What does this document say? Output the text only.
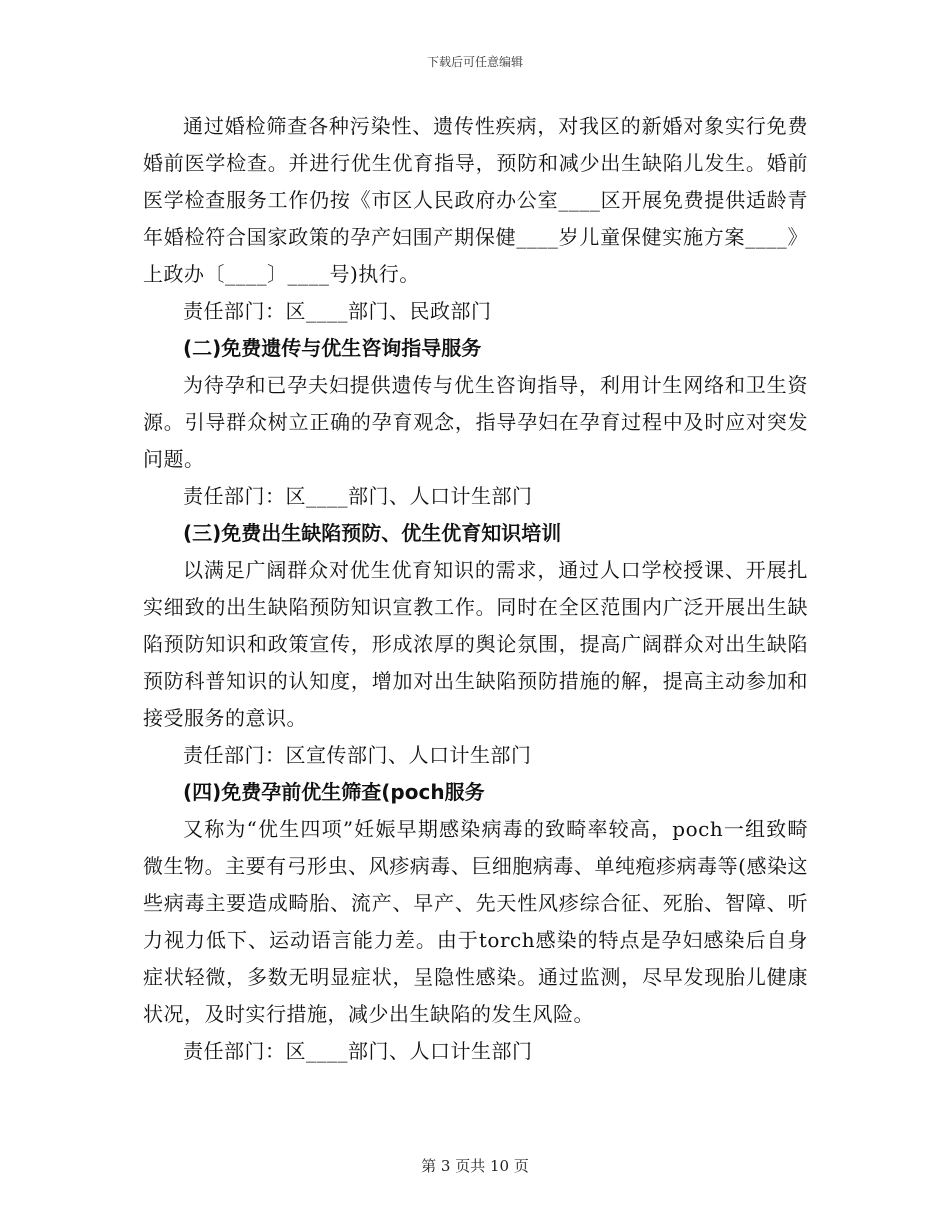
下载后可任意编辑

通过婚检筛查各种污染性、遗传性疾病，对我区的新婚对象实行免费婚前医学检查。并进行优生优育指导，预防和减少出生缺陷儿发生。婚前医学检查服务工作仍按《市区人民政府办公室____区开展免费提供适龄青年婚检符合国家政策的孕产妇围产期保健____岁儿童保健实施方案____》上政办〔____〕____号)执行。

责任部门：区____部门、民政部门

(二)免费遗传与优生咨询指导服务

为待孕和已孕夫妇提供遗传与优生咨询指导，利用计生网络和卫生资源。引导群众树立正确的孕育观念，指导孕妇在孕育过程中及时应对突发问题。

责任部门：区____部门、人口计生部门

(三)免费出生缺陷预防、优生优育知识培训

以满足广阔群众对优生优育知识的需求，通过人口学校授课、开展扎实细致的出生缺陷预防知识宣教工作。同时在全区范围内广泛开展出生缺陷预防知识和政策宣传，形成浓厚的舆论氛围，提高广阔群众对出生缺陷预防科普知识的认知度，增加对出生缺陷预防措施的解，提高主动参加和接受服务的意识。

责任部门：区宣传部门、人口计生部门

(四)免费孕前优生筛查(poch服务

又称为“优生四项”妊娠早期感染病毒的致畸率较高，poch一组致畸微生物。主要有弓形虫、风疹病毒、巨细胞病毒、单纯疱疹病毒等(感染这些病毒主要造成畸胎、流产、早产、先天性风疹综合征、死胎、智障、听力视力低下、运动语言能力差。由于torch感染的特点是孕妇感染后自身症状轻微，多数无明显症状，呈隐性感染。通过监测，尽早发现胎儿健康状况，及时实行措施，减少出生缺陷的发生风险。

责任部门：区____部门、人口计生部门

第 3 页共 10 页
